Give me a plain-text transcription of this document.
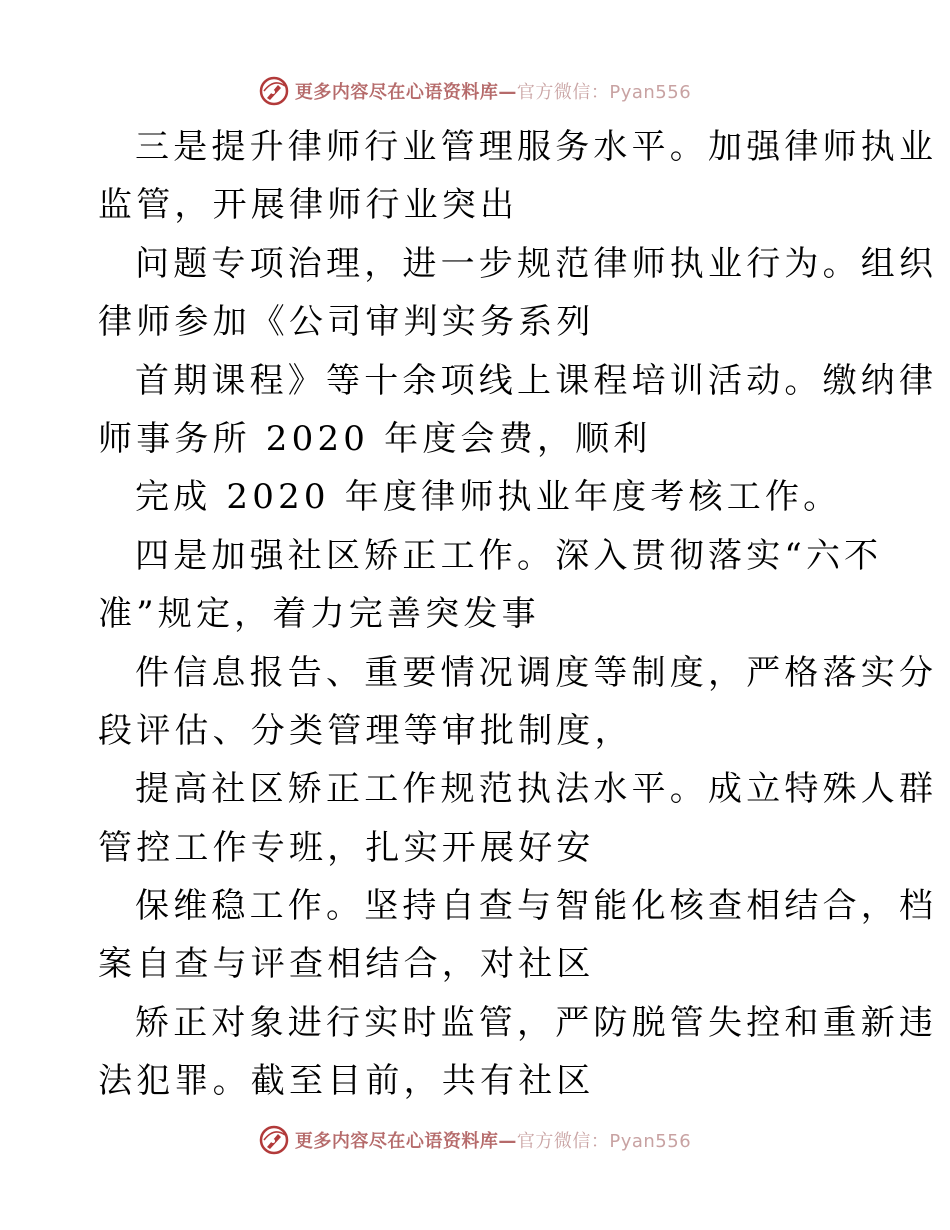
更多内容尽在心语资料库—官方微信：Pyan556
三是提升律师行业管理服务水平。加强律师执业
监管，开展律师行业突出
问题专项治理，进一步规范律师执业行为。组织
律师参加《公司审判实务系列
首期课程》等十余项线上课程培训活动。缴纳律
师事务所 2020 年度会费，顺利
完成 2020 年度律师执业年度考核工作。
四是加强社区矫正工作。深入贯彻落实“六不
准”规定，着力完善突发事
件信息报告、重要情况调度等制度，严格落实分
段评估、分类管理等审批制度，
提高社区矫正工作规范执法水平。成立特殊人群
管控工作专班，扎实开展好安
保维稳工作。坚持自查与智能化核查相结合，档
案自查与评查相结合，对社区
矫正对象进行实时监管，严防脱管失控和重新违
法犯罪。截至目前，共有社区
更多内容尽在心语资料库—官方微信：Pyan556
